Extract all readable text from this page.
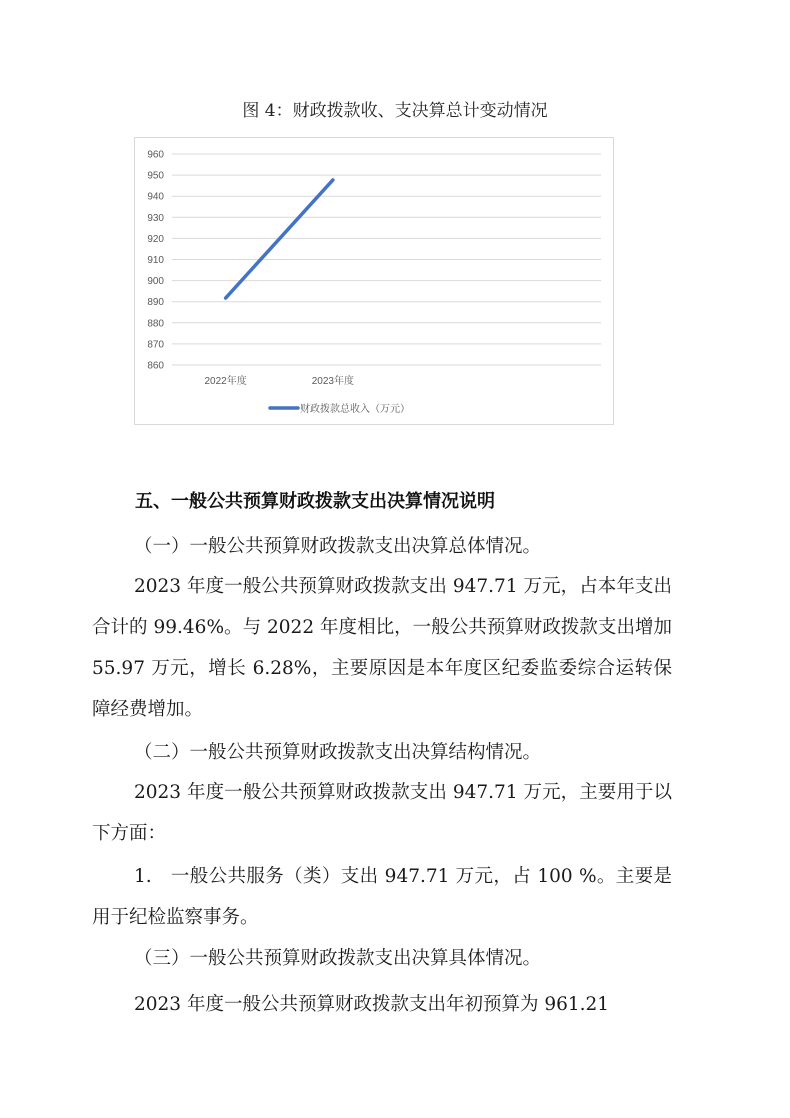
图 4：财政拨款收、支决算总计变动情况
860
870
880
890
900
910
920
930
940
950
960
2022年度	2023年度
财政拨款总收入（万元）
五、一般公共预算财政拨款支出决算情况说明
（一）一般公共预算财政拨款支出决算总体情况。
2023 年度一般公共预算财政拨款支出 947.71 万元，占本年支出合计的 99.46%。与 2022 年度相比，一般公共预算财政拨款支出增加 55.97 万元，增长 6.28%，主要原因是本年度区纪委监委综合运转保障经费增加。
（二）一般公共预算财政拨款支出决算结构情况。
2023 年度一般公共预算财政拨款支出 947.71 万元，主要用于以下方面：
1.　一般公共服务（类）支出 947.71 万元，占 100 %。主要是用于纪检监察事务。
（三）一般公共预算财政拨款支出决算具体情况。
2023 年度一般公共预算财政拨款支出年初预算为 961.21
